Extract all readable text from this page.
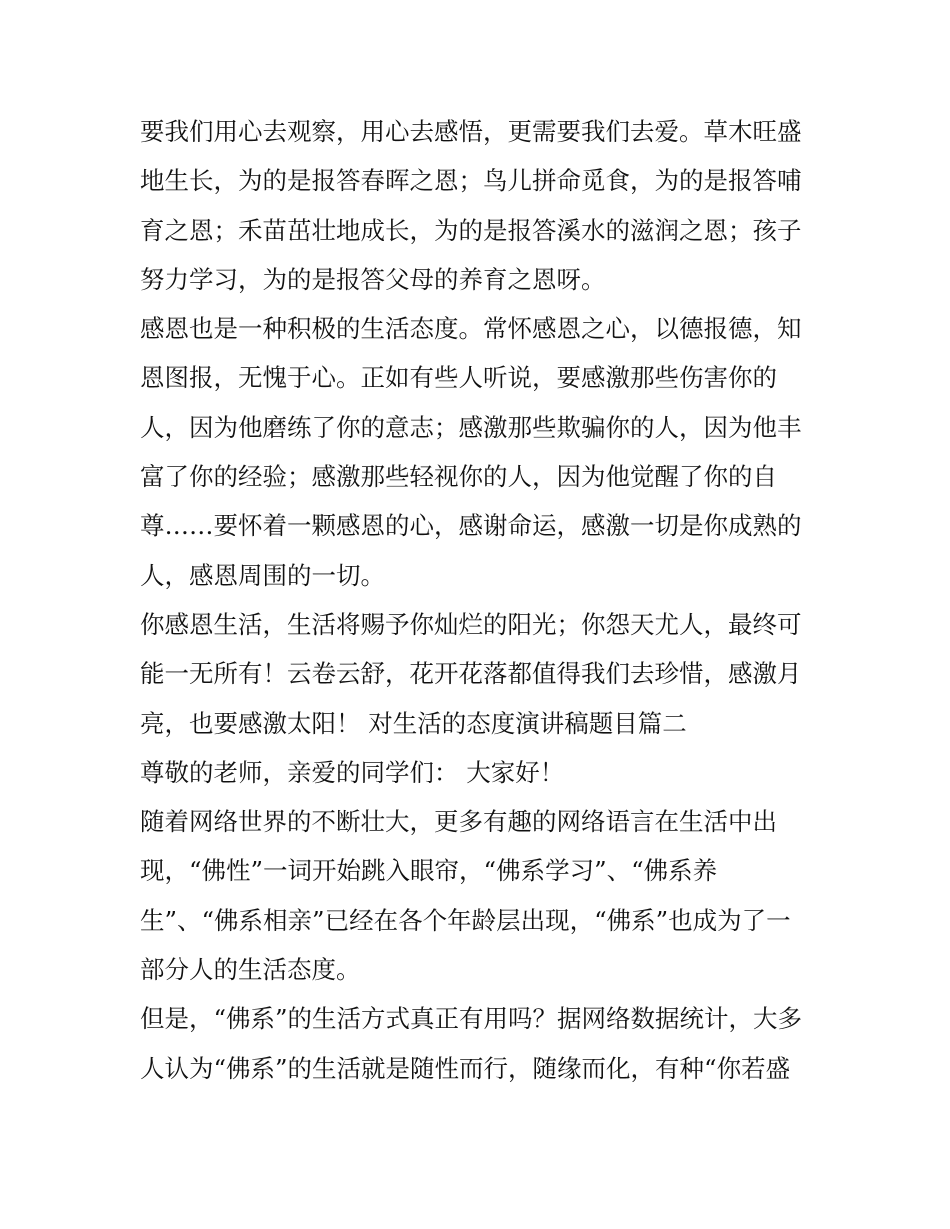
要我们用心去观察，用心去感悟，更需要我们去爱。草木旺盛
地生长，为的是报答春晖之恩；鸟儿拼命觅食，为的是报答哺
育之恩；禾苗茁壮地成长，为的是报答溪水的滋润之恩；孩子
努力学习，为的是报答父母的养育之恩呀。
感恩也是一种积极的生活态度。常怀感恩之心，以德报德，知
恩图报，无愧于心。正如有些人听说，要感激那些伤害你的
人，因为他磨练了你的意志；感激那些欺骗你的人，因为他丰
富了你的经验；感激那些轻视你的人，因为他觉醒了你的自
尊……要怀着一颗感恩的心，感谢命运，感激一切是你成熟的
人，感恩周围的一切。
你感恩生活，生活将赐予你灿烂的阳光；你怨天尤人，最终可
能一无所有！云卷云舒，花开花落都值得我们去珍惜，感激月
亮，也要感激太阳！ 对生活的态度演讲稿题目篇二
尊敬的老师，亲爱的同学们： 大家好！
随着网络世界的不断壮大，更多有趣的网络语言在生活中出
现，“佛性”一词开始跳入眼帘，“佛系学习”、“佛系养
生”、“佛系相亲”已经在各个年龄层出现，“佛系”也成为了一
部分人的生活态度。
但是，“佛系”的生活方式真正有用吗？据网络数据统计，大多
人认为“佛系”的生活就是随性而行，随缘而化，有种“你若盛
